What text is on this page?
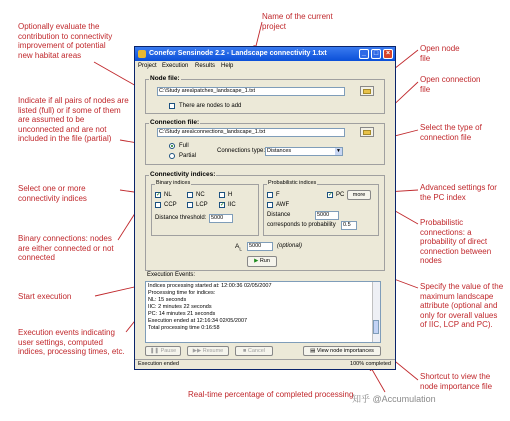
Name of the current project
Optionally evaluate the contribution to connectivity improvement of potential new habitat areas
Open node file
Open connection file
Indicate if all pairs of nodes are listed (full) or if some of them are assumed to be unconnected and are not included in the file (partial)
Select the type of connection file
Select one or more connectivity indices
Advanced settings for the PC index
Binary connections: nodes are either connected or not connected
Probabilistic connections: a probability of direct connection between nodes
Start execution
Specify the value of the maximum landscape attribute (optional and only for overall values of IIC, LCP and PC).
Execution events indicating user settings, computed indices, processing times, etc.
Shortcut to view the node importance file
Real-time percentage of completed processing
知乎 @Accumulation
Conefor Sensinode 2.2 - Landscape connectivity 1.txt	_	□	×
Project Execution Results Help
Node file:
C:\Study area\patches_landscape_1.txt
There are nodes to add
Connection file:
C:\Study area\connections_landscape_1.txt
Full
Partial
Connections type: Distances	▼
Connectivity indices:
Binary indices
✓ NL	NC	H
CCP	LCP ✓ IIC
Distance threshold: 5000
Probabilistic indices
F	✓ PC	more
AWF
Distance	5000
corresponds to probability	0.5
$A_L$	5000	(optional)
▶ Run
Execution Events:
Indices processing started at: 12:00:36 02/05/2007
Processing time for indices:
NL: 15 seconds
IIC: 2 minutes 22 seconds
PC: 14 minutes 21 seconds
Execution ended at 12:16:34 02/05/2007
Total processing time 0:16:58
❚❚ Pause	▶▶ Resume	■ Cancel	▤ View node importances
Execution ended	100% completed
